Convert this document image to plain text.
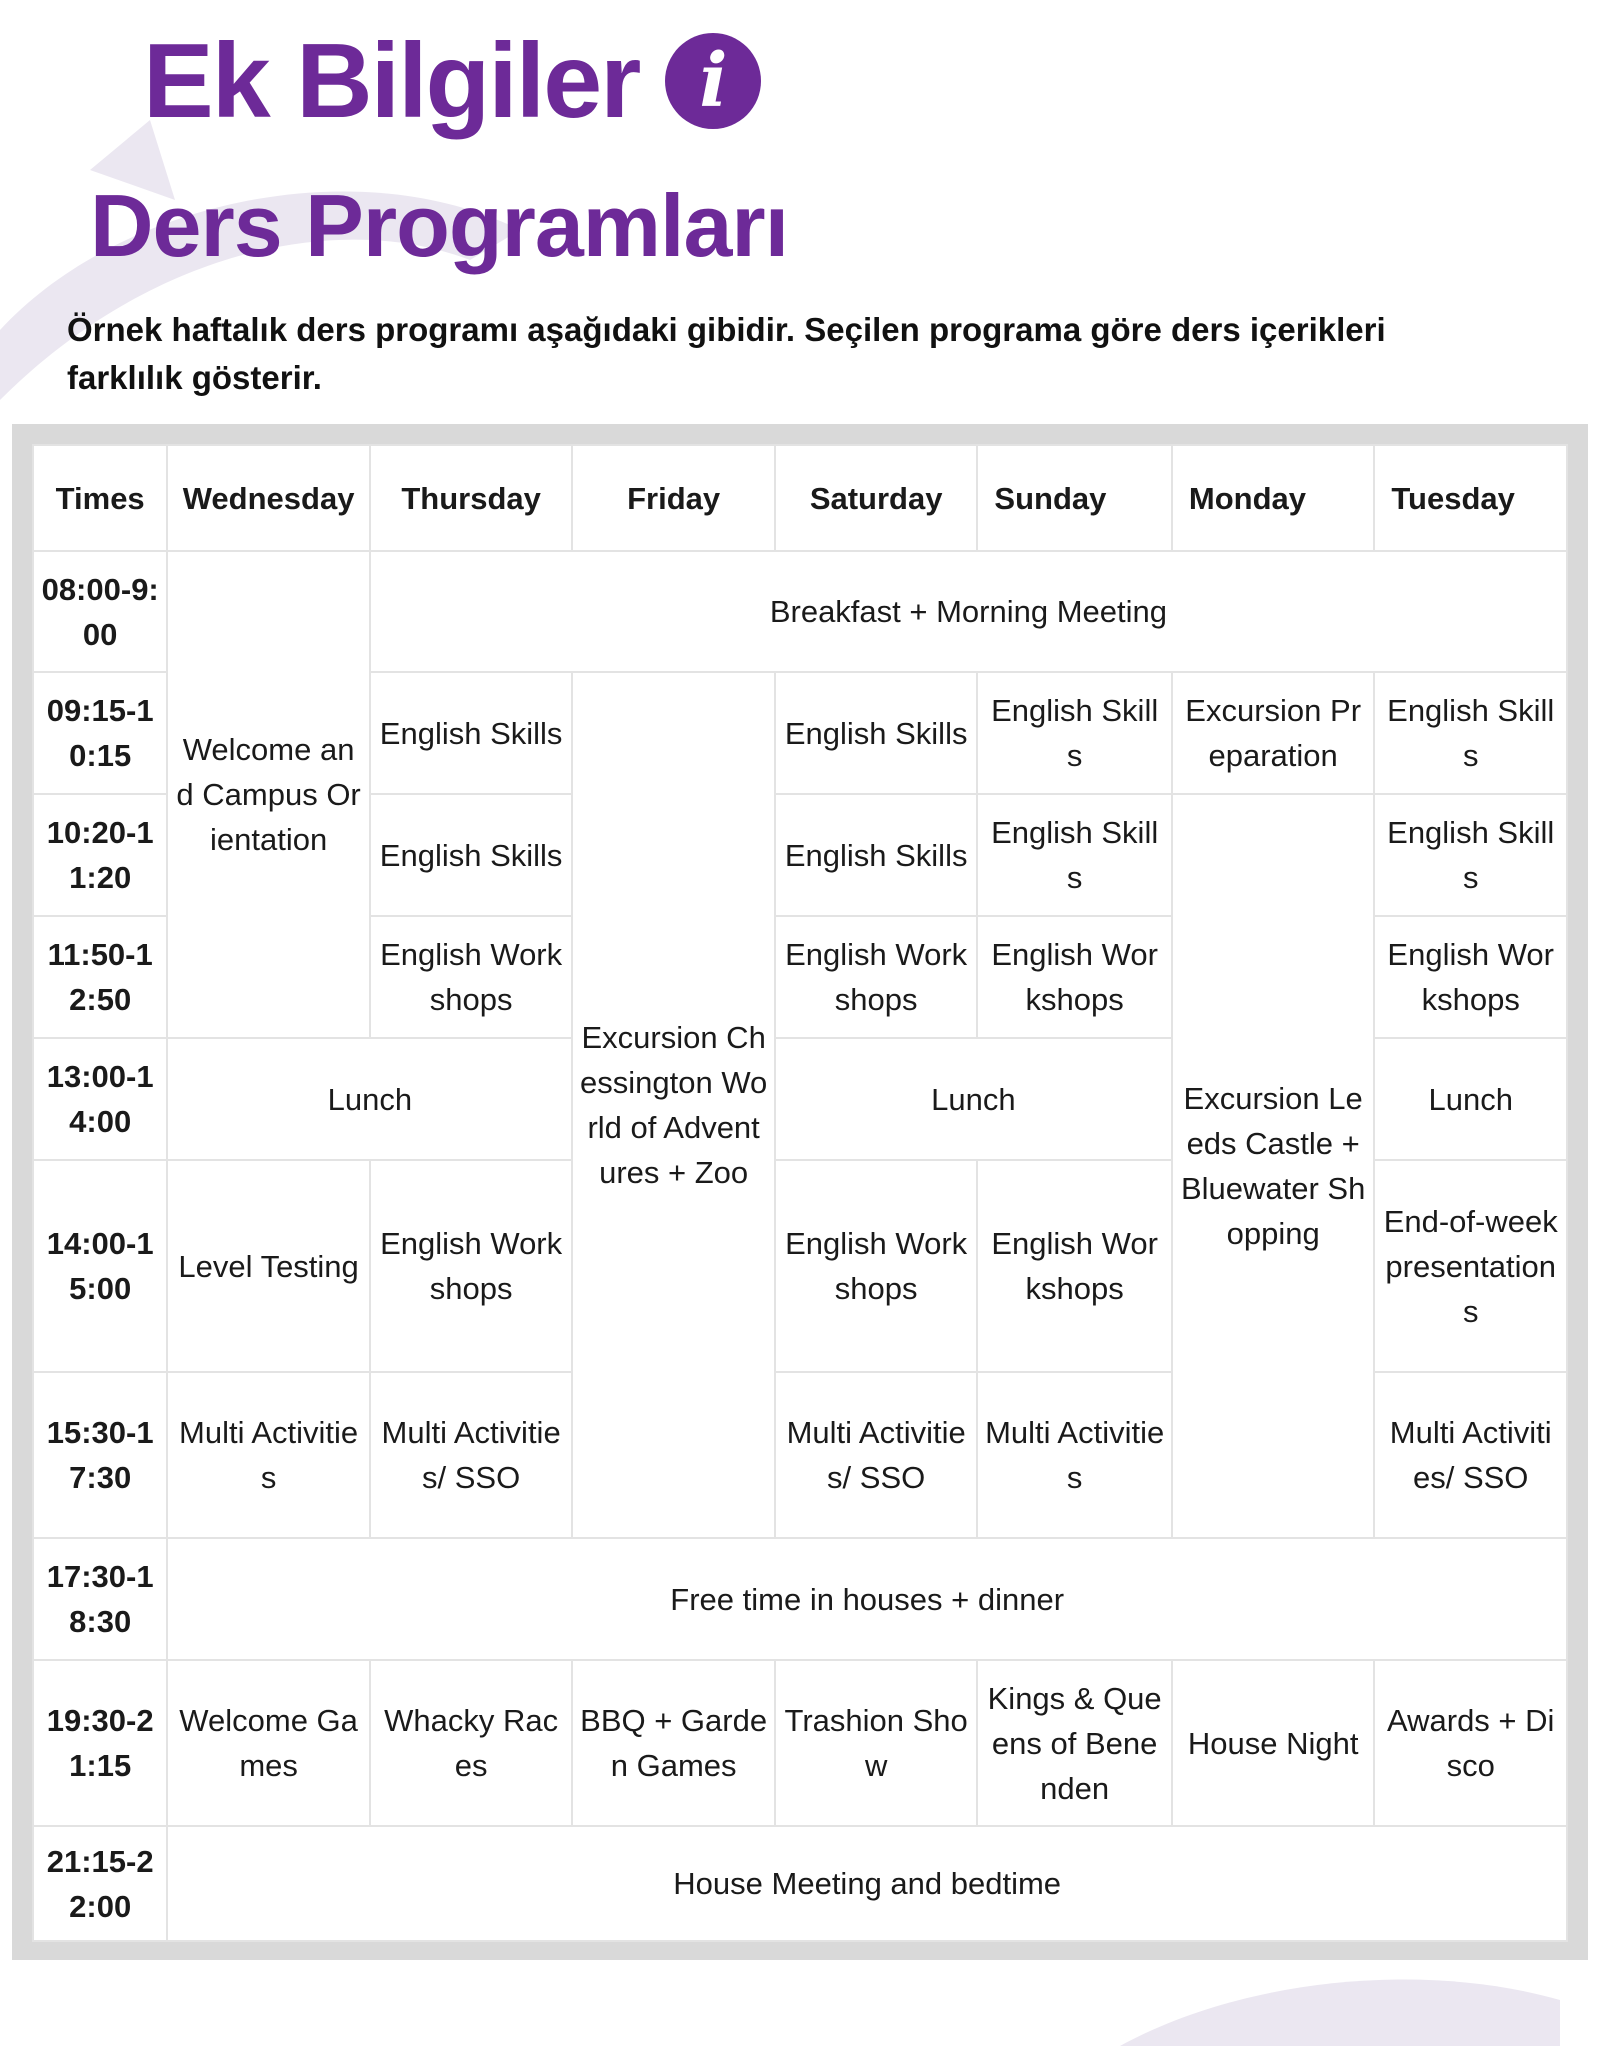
Ek Bilgiler i
Ders Programları

Örnek haftalık ders programı aşağıdaki gibidir. Seçilen programa göre ders içerikleri farklılık gösterir.

Times	Wednesday	Thursday	Friday	Saturday	Sunday	Monday	Tuesday
08:00-9:00	Welcome and Campus Orientation	Breakfast + Morning Meeting					
09:15-10:15		English Skills	Excursion Chessington World of Adventures + Zoo	English Skills	English Skills	Excursion Preparation	English Skills
10:20-11:20		English Skills		English Skills	English Skills	Excursion Leeds Castle + Bluewater Shopping	English Skills
11:50-12:50		English Workshops		English Workshops	English Workshops		English Workshops
13:00-14:00	Lunch			Lunch			Lunch
14:00-15:00	Level Testing	English Workshops		English Workshops	English Workshops		End-of-week presentations
15:30-17:30	Multi Activities	Multi Activities/ SSO		Multi Activities/ SSO	Multi Activities		Multi Activities/ SSO
17:30-18:30	Free time in houses + dinner						
19:30-21:15	Welcome Games	Whacky Races	BBQ + Garden Games	Trashion Show	Kings & Queens of Benenden	House Night	Awards + Disco
21:15-22:00	House Meeting and bedtime						
